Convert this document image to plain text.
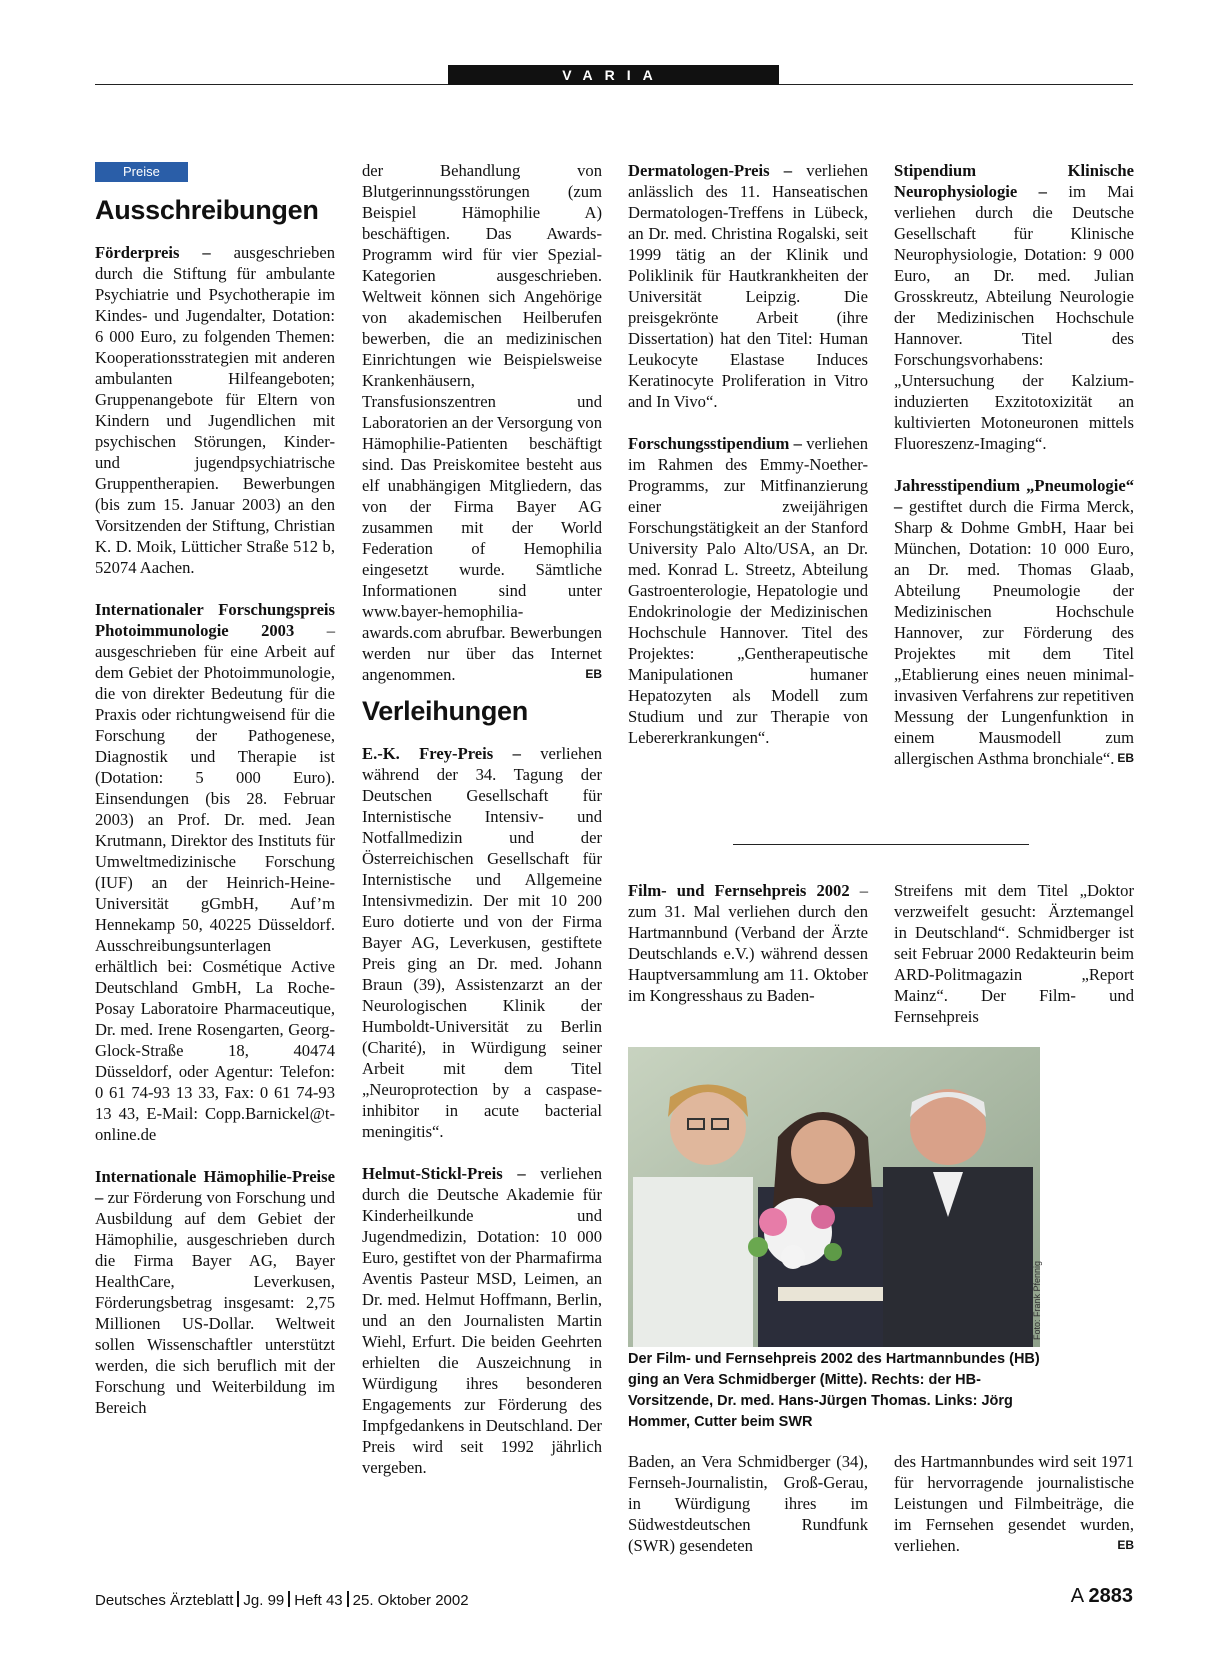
VARIA
Preise
Ausschreibungen

Förderpreis – ausgeschrieben durch die Stiftung für ambulante Psychiatrie und Psychotherapie im Kindes- und Jugendalter, Dotation: 6 000 Euro, zu folgenden Themen: Kooperationsstrategien mit anderen ambulanten Hilfeangeboten; Gruppenangebote für Eltern von Kindern und Jugendlichen mit psychischen Störungen, Kinder- und jugendpsychiatrische Gruppentherapien. Bewerbungen (bis zum 15. Januar 2003) an den Vorsitzenden der Stiftung, Christian K. D. Moik, Lütticher Straße 512 b, 52074 Aachen.

Internationaler Forschungspreis Photoimmunologie 2003 – ausgeschrieben für eine Arbeit auf dem Gebiet der Photoimmunologie, die von direkter Bedeutung für die Praxis oder richtungweisend für die Forschung der Pathogenese, Diagnostik und Therapie ist (Dotation: 5 000 Euro). Einsendungen (bis 28. Februar 2003) an Prof. Dr. med. Jean Krutmann, Direktor des Instituts für Umweltmedizinische Forschung (IUF) an der Heinrich-Heine-Universität gGmbH, Auf’m Hennekamp 50, 40225 Düsseldorf. Ausschreibungsunterlagen erhältlich bei: Cosmétique Active Deutschland GmbH, La Roche-Posay Laboratoire Pharmaceutique, Dr. med. Irene Rosengarten, Georg-Glock-Straße 18, 40474 Düsseldorf, oder Agentur: Telefon: 0 61 74-93 13 33, Fax: 0 61 74-93 13 43, E-Mail: Copp.Barnickel@t-online.de

Internationale Hämophilie-Preise – zur Förderung von Forschung und Ausbildung auf dem Gebiet der Hämophilie, ausgeschrieben durch die Firma Bayer AG, Bayer HealthCare, Leverkusen, Förderungsbetrag insgesamt: 2,75 Millionen US-Dollar. Weltweit sollen Wissenschaftler unterstützt werden, die sich beruflich mit der Forschung und Weiterbildung im Bereich

der Behandlung von Blutgerinnungsstörungen (zum Beispiel Hämophilie A) beschäftigen. Das Awards-Programm wird für vier Spezial-Kategorien ausgeschrieben. Weltweit können sich Angehörige von akademischen Heilberufen bewerben, die an medizinischen Einrichtungen wie Beispielsweise Krankenhäusern, Transfusionszentren und Laboratorien an der Versorgung von Hämophilie-Patienten beschäftigt sind. Das Preiskomitee besteht aus elf unabhängigen Mitgliedern, das von der Firma Bayer AG zusammen mit der World Federation of Hemophilia eingesetzt wurde. Sämtliche Informationen sind unter www.bayer-hemophilia-awards.com abrufbar. Bewerbungen werden nur über das Internet angenommen.	EB

Verleihungen

E.-K. Frey-Preis – verliehen während der 34. Tagung der Deutschen Gesellschaft für Internistische Intensiv- und Notfallmedizin und der Österreichischen Gesellschaft für Internistische und Allgemeine Intensivmedizin. Der mit 10 200 Euro dotierte und von der Firma Bayer AG, Leverkusen, gestiftete Preis ging an Dr. med. Johann Braun (39), Assistenzarzt an der Neurologischen Klinik der Humboldt-Universität zu Berlin (Charité), in Würdigung seiner Arbeit mit dem Titel „Neuroprotection by a caspase-inhibitor in acute bacterial meningitis“.

Helmut-Stickl-Preis – verliehen durch die Deutsche Akademie für Kinderheilkunde und Jugendmedizin, Dotation: 10 000 Euro, gestiftet von der Pharmafirma Aventis Pasteur MSD, Leimen, an Dr. med. Helmut Hoffmann, Berlin, und an den Journalisten Martin Wiehl, Erfurt. Die beiden Geehrten erhielten die Auszeichnung in Würdigung ihres besonderen Engagements zur Förderung des Impfgedankens in Deutschland. Der Preis wird seit 1992 jährlich vergeben.

Dermatologen-Preis – verliehen anlässlich des 11. Hanseatischen Dermatologen-Treffens in Lübeck, an Dr. med. Christina Rogalski, seit 1999 tätig an der Klinik und Poliklinik für Hautkrankheiten der Universität Leipzig. Die preisgekrönte Arbeit (ihre Dissertation) hat den Titel: Human Leukocyte Elastase Induces Keratinocyte Proliferation in Vitro and In Vivo“.

Forschungsstipendium – verliehen im Rahmen des Emmy-Noether-Programms, zur Mitfinanzierung einer zweijährigen Forschungstätigkeit an der Stanford University Palo Alto/USA, an Dr. med. Konrad L. Streetz, Abteilung Gastroenterologie, Hepatologie und Endokrinologie der Medizinischen Hochschule Hannover. Titel des Projektes: „Gentherapeutische Manipulationen humaner Hepatozyten als Modell zum Studium und zur Therapie von Lebererkrankungen“.

Stipendium Klinische Neurophysiologie – im Mai verliehen durch die Deutsche Gesellschaft für Klinische Neurophysiologie, Dotation: 9 000 Euro, an Dr. med. Julian Grosskreutz, Abteilung Neurologie der Medizinischen Hochschule Hannover. Titel des Forschungsvorhabens: „Untersuchung der Kalzium-induzierten Exzitotoxizität an kultivierten Motoneuronen mittels Fluoreszenz-Imaging“.

Jahresstipendium „Pneumologie“ – gestiftet durch die Firma Merck, Sharp & Dohme GmbH, Haar bei München, Dotation: 10 000 Euro, an Dr. med. Thomas Glaab, Abteilung Pneumologie der Medizinischen Hochschule Hannover, zur Förderung des Projektes mit dem Titel „Etablierung eines neuen minimal-invasiven Verfahrens zur repetitiven Messung der Lungenfunktion in einem Mausmodell zum allergischen Asthma bronchiale“. EB

Film- und Fernsehpreis 2002 – zum 31. Mal verliehen durch den Hartmannbund (Verband der Ärzte Deutschlands e.V.) während dessen Hauptversammlung am 11. Oktober im Kongresshaus zu Baden-

Streifens mit dem Titel „Doktor verzweifelt gesucht: Ärztemangel in Deutschland“. Schmidberger ist seit Februar 2000 Redakteurin beim ARD-Politmagazin „Report Mainz“. Der Film- und Fernsehpreis

Foto: Frank Pfennig
Der Film- und Fernsehpreis 2002 des Hartmannbundes (HB) ging an Vera Schmidberger (Mitte). Rechts: der HB-Vorsitzende, Dr. med. Hans-Jürgen Thomas. Links: Jörg Hommer, Cutter beim SWR

Baden, an Vera Schmidberger (34), Fernseh-Journalistin, Groß-Gerau, in Würdigung ihres im Südwestdeutschen Rundfunk (SWR) gesendeten

des Hartmannbundes wird seit 1971 für hervorragende journalistische Leistungen und Filmbeiträge, die im Fernsehen gesendet wurden, verliehen.	EB

Deutsches Ärzteblatt Jg. 99 Heft 43 25. Oktober 2002	A 2883
